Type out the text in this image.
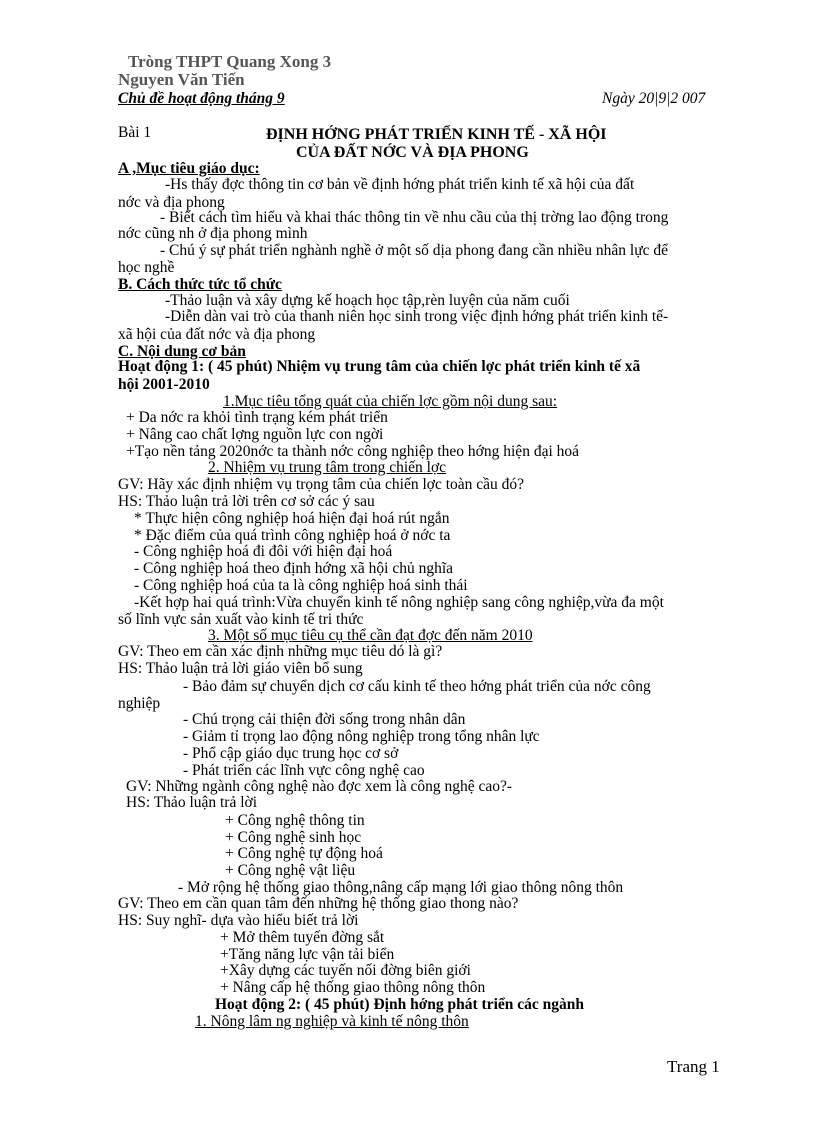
Tròng THPT Quang Xong 3
Nguyen Văn Tiến
Chủ đề hoạt động tháng 9	Ngày 20|9|2 007
Bài 1	ĐỊNH HỚNG PHÁT TRIỂN KINH TẾ - XÃ HỘI
CỦA ĐẤT NỚC VÀ ĐỊA PHONG
A ,Mục tiêu giáo dục:
-Hs thấy đợc thông tin cơ bản về định hớng phát triển kinh tế xã hội của đất
nớc và địa phong
- Biết cách tìm hiểu và khai thác thông tin về nhu cầu của thị trờng lao động trong
nớc cũng nh ở địa phong mình
- Chú ý sự phát triển nghành nghề ở một số dịa phong đang cần nhiều nhân lực để
học nghề
B. Cách thức tức tổ chức
-Thảo luận và xây dựng kế hoạch học tập,rèn luyện của năm cuối
-Diễn dàn vai trò của thanh niên học sinh trong việc định hớng phát triển kinh tế-
xã hội của đất nớc và địa phong
C. Nội dung cơ bản
Hoạt động 1: ( 45 phút) Nhiệm vụ trung tâm của chiến lợc phát triển kinh tế xã
hội 2001-2010
1.Mục tiêu tổng quát của chiến lợc gồm nội dung sau:
+ Da nớc ra khỏi tình trạng kém phát triển
+ Nâng cao chất lợng nguồn lực con ngời
+Tạo nền tảng 2020nớc ta thành nớc công nghiệp theo hớng hiện đại hoá
2. Nhiệm vụ trung tâm trong chiến lợc
GV: Hãy xác định nhiệm vụ trọng tâm của chiến lợc toàn cầu đó?
HS: Thảo luận trả lời trên cơ sở các ý sau
* Thực hiện công nghiệp hoá hiện đại hoá rút ngắn
* Đặc điểm của quá trình công nghiệp hoá ở nớc ta
- Công nghiệp hoá đi đôi với hiện đại hoá
- Công nghiệp hoá theo định hớng xã hội chủ nghĩa
- Công nghiệp hoá của ta là công nghiệp hoá sinh thái
-Kết hợp hai quá trình:Vừa chuyển kinh tế nông nghiệp sang công nghiệp,vừa đa một
số lĩnh vực sản xuất vào kinh tế tri thức
3. Một số mục tiêu cụ thể cần đạt đợc đến năm 2010
GV: Theo em cần xác định những mục tiêu dó là gì?
HS: Thảo luận trả lời giáo viên bổ sung
- Bảo đảm sự chuyển dịch cơ cấu kinh tế theo hớng phát triển của nớc công
nghiệp
- Chú trọng cải thiện đời sống trong nhân dân
- Giảm tỉ trọng lao động nông nghiệp trong tổng nhân lực
- Phổ cập giáo dục trung học cơ sở
- Phát triển các lĩnh vực công nghệ cao
GV: Những ngành công nghệ nào đợc xem là công nghệ cao?-
HS: Thảo luận trả lời
+ Công nghệ thông tin
+ Công nghệ sinh học
+ Công nghệ tự động hoá
+ Công nghệ vật liệu
- Mở rộng hệ thống giao thông,nâng cấp mạng lới giao thông nông thôn
GV: Theo em cần quan tâm đến những hệ thống giao thong nào?
HS: Suy nghĩ- dựa vào hiểu biết trả lời
+ Mở thêm tuyến đờng sắt
+Tăng năng lực vận tải biển
+Xây dựng các tuyến nối đờng biên giới
+ Nâng cấp hệ thống giao thông nông thôn
Hoạt động 2: ( 45 phút) Định hớng phát triển các ngành
1. Nông lâm ng nghiệp và kinh tế nông thôn
Trang 1
